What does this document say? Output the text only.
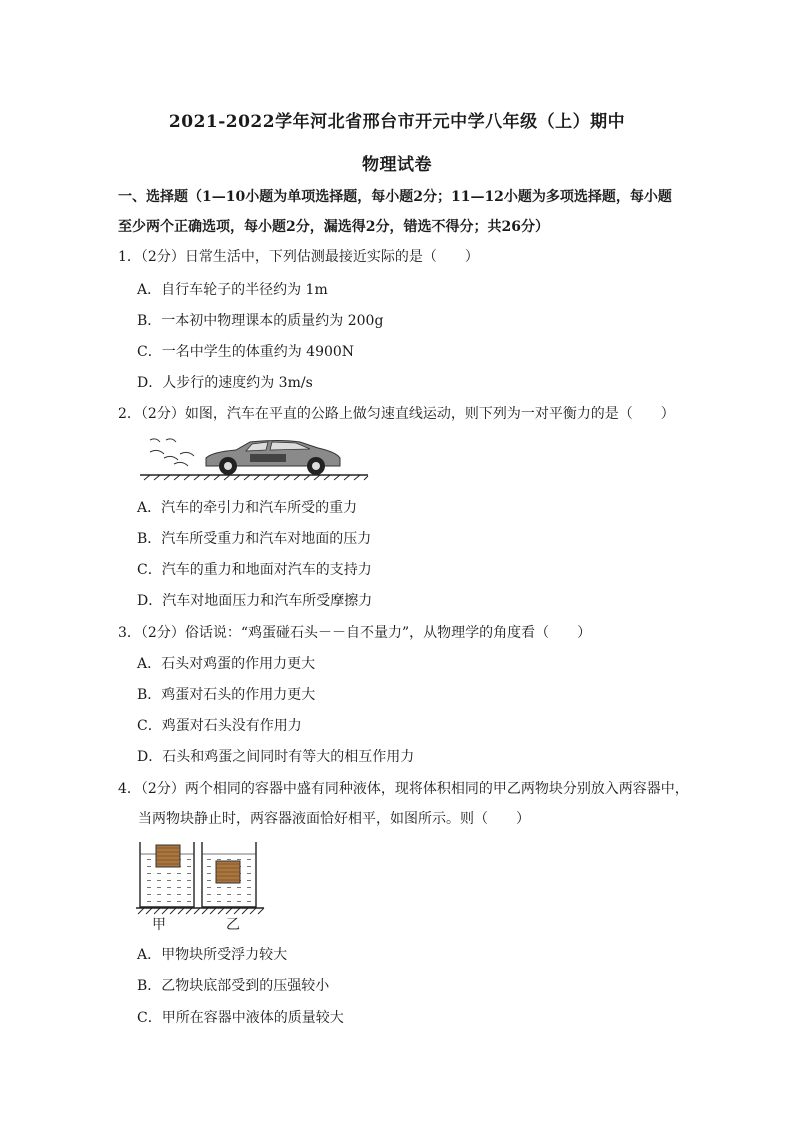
2021-2022学年河北省邢台市开元中学八年级（上）期中
物理试卷
一、选择题（1—10小题为单项选择题，每小题2分；11—12小题为多项选择题，每小题
至少两个正确选项，每小题2分，漏选得2分，错选不得分；共26分）
1．（2分）日常生活中，下列估测最接近实际的是（　　）
A．自行车轮子的半径约为 1m
B．一本初中物理课本的质量约为 200g
C．一名中学生的体重约为 4900N
D．人步行的速度约为 3m/s
2．（2分）如图，汽车在平直的公路上做匀速直线运动，则下列为一对平衡力的是（　　）
A．汽车的牵引力和汽车所受的重力
B．汽车所受重力和汽车对地面的压力
C．汽车的重力和地面对汽车的支持力
D．汽车对地面压力和汽车所受摩擦力
3．（2分）俗话说：“鸡蛋碰石头－－自不量力”，从物理学的角度看（　　）
A．石头对鸡蛋的作用力更大
B．鸡蛋对石头的作用力更大
C．鸡蛋对石头没有作用力
D．石头和鸡蛋之间同时有等大的相互作用力
4．（2分）两个相同的容器中盛有同种液体，现将体积相同的甲乙两物块分别放入两容器中，
当两物块静止时，两容器液面恰好相平，如图所示。则（　　）
甲	乙
A．甲物块所受浮力较大
B．乙物块底部受到的压强较小
C．甲所在容器中液体的质量较大
